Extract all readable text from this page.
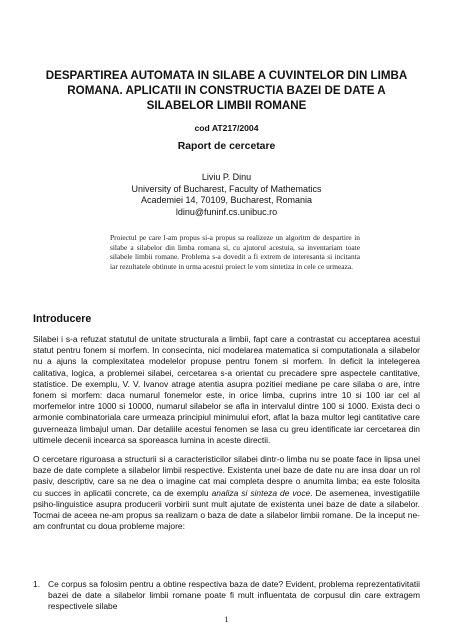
DESPARTIREA AUTOMATA IN SILABE A CUVINTELOR DIN LIMBA ROMANA. APLICATII IN CONSTRUCTIA BAZEI DE DATE A SILABELOR LIMBII ROMANE

cod AT217/2004

Raport de cercetare

Liviu P. Dinu
University of Bucharest, Faculty of Mathematics
Academiei 14, 70109, Bucharest, Romania
ldinu@funinf.cs.unibuc.ro

Proiectul pe care l-am propus si-a propus sa realizeze un algoritm de despartire in silabe a silabelor din limba romana si, cu ajutorul acestuia, sa inventariam toate silabele limbii romane. Problema s-a dovedit a fi extrem de interesanta si incitanta iar rezultatele obtinute in urma acestui proiect le vom sintetiza in cele ce urmeaza.

Introducere

Silabei i s-a refuzat statutul de unitate structurala a limbii, fapt care a contrastat cu acceptarea acestui statut pentru fonem si morfem. In consecinta, nici modelarea matematica si computationala a silabelor nu a ajuns la complexitatea modelelor propuse pentru fonem si morfem. In deficit la intelegerea calitativa, logica, a problemei silabei, cercetarea s-a orientat cu precadere spre aspectele cantitative, statistice. De exemplu, V. V. Ivanov atrage atentia asupra pozitiei mediane pe care silaba o are, intre fonem si morfem: daca numarul fonemelor este, in orice limba, cuprins intre 10 si 100 iar cel al morfemelor intre 1000 si 10000, numarul silabelor se afla in intervalul dintre 100 si 1000. Exista deci o armonie combinatoriala care urmeaza principiul minimului efort, aflat la baza multor legi cantitative care guverneaza limbajul uman. Dar detaliile acestui fenomen se lasa cu greu identificate iar cercetarea din ultimele decenii incearca sa sporeasca lumina in aceste directii.

O cercetare riguroasa a structurii si a caracteristicilor silabei dintr-o limba nu se poate face in lipsa unei baze de date complete a silabelor limbii respective. Existenta unei baze de date nu are insa doar un rol pasiv, descriptiv, care sa ne dea o imagine cat mai completa despre o anumita limba; ea este folosita cu succes in aplicatii concrete, ca de exemplu analiza si sinteza de voce. De asemenea, investigatiile psiho-linguistice asupra producerii vorbirii sunt mult ajutate de existenta unei baze de date a silabelor. Tocmai de aceea ne-am propus sa realizam o baza de date a silabelor limbii romane. De la inceput ne-am confruntat cu doua probleme majore:

1. Ce corpus sa folosim pentru a obtine respectiva baza de date? Evident, problema reprezentativitatii bazei de date a silabelor limbii romane poate fi mult influentata de corpusul din care extragem respectivele silabe

1
